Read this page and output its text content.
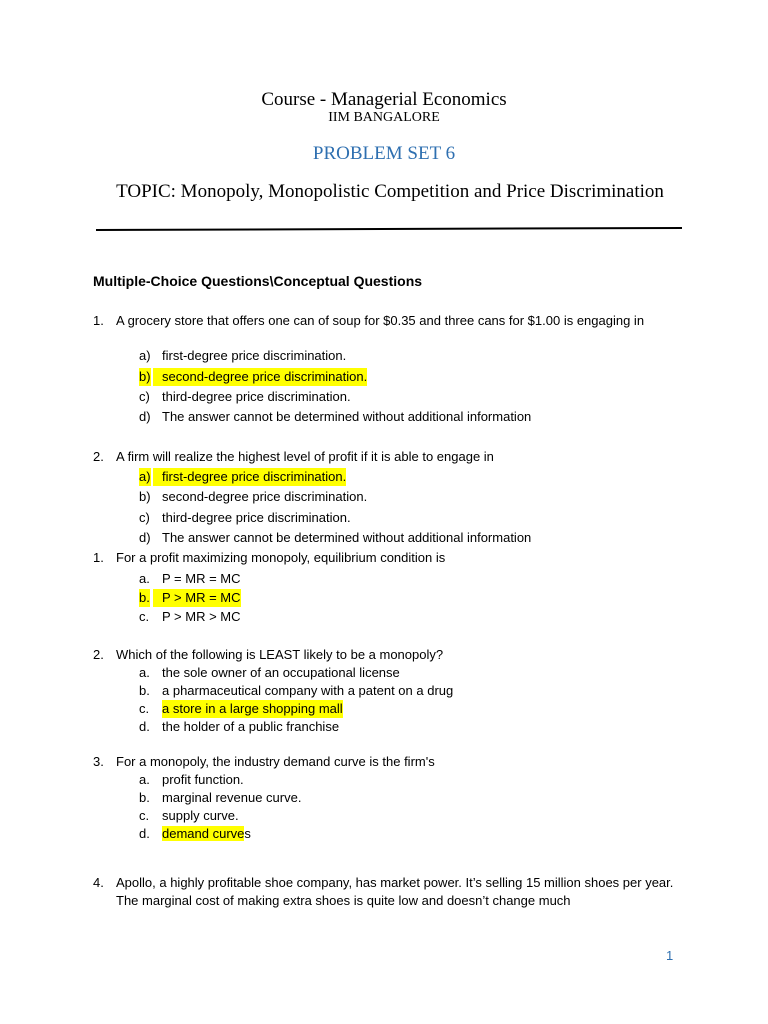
Course - Managerial Economics
IIM BANGALORE
PROBLEM SET 6
TOPIC: Monopoly, Monopolistic Competition and Price Discrimination
Multiple-Choice Questions\Conceptual Questions
1. A grocery store that offers one can of soup for $0.35 and three cans for $1.00 is engaging in
a) first-degree price discrimination.
b) second-degree price discrimination.
c) third-degree price discrimination.
d) The answer cannot be determined without additional information
2. A firm will realize the highest level of profit if it is able to engage in
a) first-degree price discrimination.
b) second-degree price discrimination.
c) third-degree price discrimination.
d) The answer cannot be determined without additional information
1. For a profit maximizing monopoly, equilibrium condition is
a. P = MR = MC
b. P > MR = MC
c. P > MR > MC
2. Which of the following is LEAST likely to be a monopoly?
a. the sole owner of an occupational license
b. a pharmaceutical company with a patent on a drug
c. a store in a large shopping mall
d. the holder of a public franchise
3. For a monopoly, the industry demand curve is the firm's
a. profit function.
b. marginal revenue curve.
c. supply curve.
d. demand curves
4. Apollo, a highly profitable shoe company, has market power. It’s selling 15 million shoes per year. The marginal cost of making extra shoes is quite low and doesn’t change much
1
